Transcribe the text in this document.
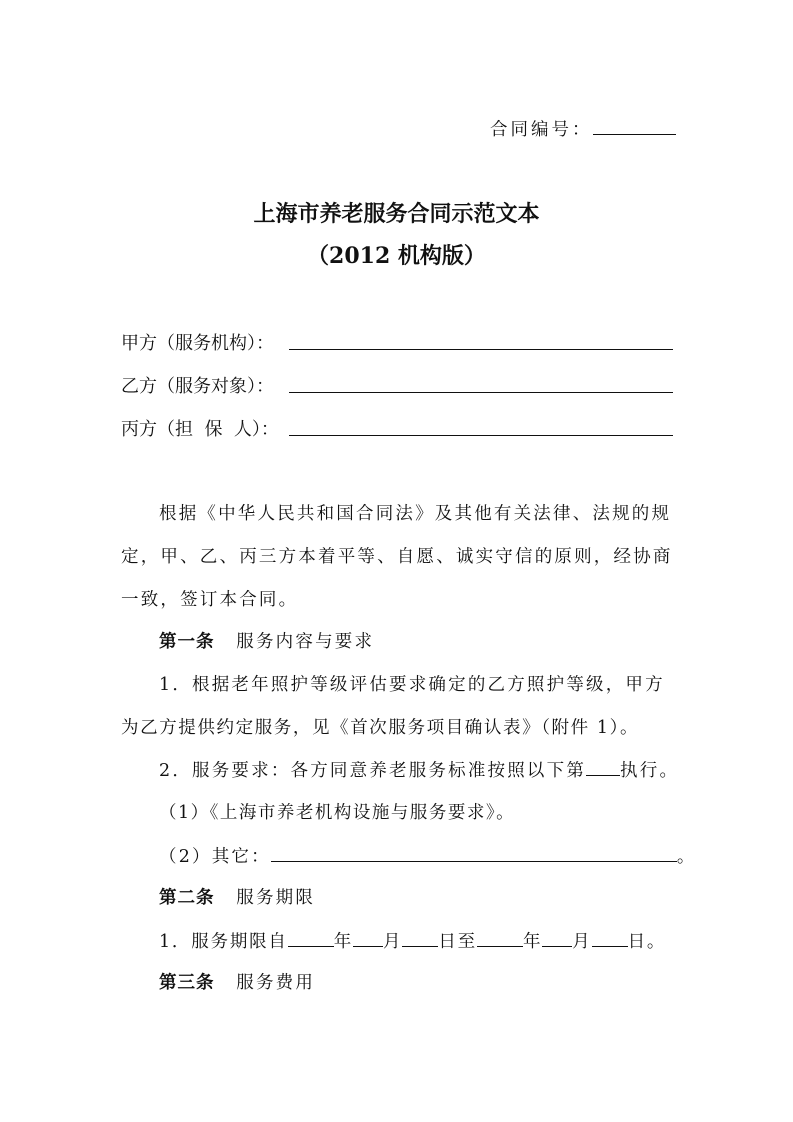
合同编号：
上海市养老服务合同示范文本
（2012 机构版）
甲方（服务机构）：
乙方（服务对象）：
丙方（担  保  人）：
根据《中华人民共和国合同法》及其他有关法律、法规的规
定，甲、乙、丙三方本着平等、自愿、诚实守信的原则，经协商
一致，签订本合同。
第一条 服务内容与要求
1．根据老年照护等级评估要求确定的乙方照护等级，甲方
为乙方提供约定服务，见《首次服务项目确认表》（附件 1）。
2．服务要求：各方同意养老服务标准按照以下第 执行。
（1）《上海市养老机构设施与服务要求》。
（2）其它：	。
第二条 服务期限
1．服务期限自	年 月 日至	年 月 日。
第三条 服务费用
